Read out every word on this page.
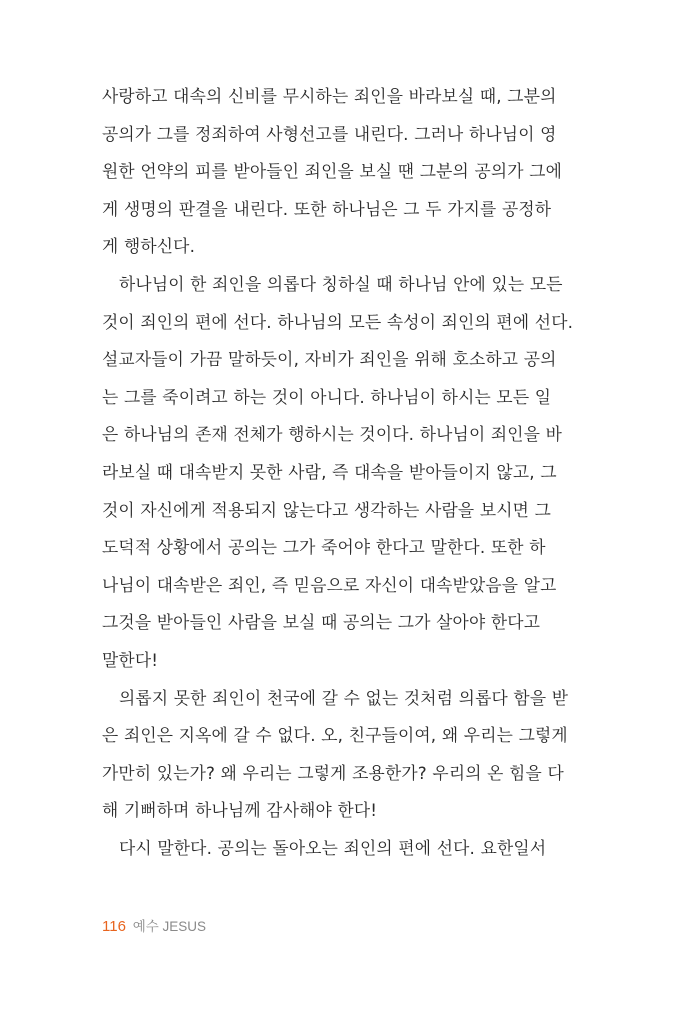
사랑하고 대속의 신비를 무시하는 죄인을 바라보실 때, 그분의
공의가 그를 정죄하여 사형선고를 내린다. 그러나 하나님이 영
원한 언약의 피를 받아들인 죄인을 보실 땐 그분의 공의가 그에
게 생명의 판결을 내린다. 또한 하나님은 그 두 가지를 공정하
게 행하신다.
하나님이 한 죄인을 의롭다 칭하실 때 하나님 안에 있는 모든
것이 죄인의 편에 선다. 하나님의 모든 속성이 죄인의 편에 선다.
설교자들이 가끔 말하듯이, 자비가 죄인을 위해 호소하고 공의
는 그를 죽이려고 하는 것이 아니다. 하나님이 하시는 모든 일
은 하나님의 존재 전체가 행하시는 것이다. 하나님이 죄인을 바
라보실 때 대속받지 못한 사람, 즉 대속을 받아들이지 않고, 그
것이 자신에게 적용되지 않는다고 생각하는 사람을 보시면 그
도덕적 상황에서 공의는 그가 죽어야 한다고 말한다. 또한 하
나님이 대속받은 죄인, 즉 믿음으로 자신이 대속받았음을 알고
그것을 받아들인 사람을 보실 때 공의는 그가 살아야 한다고
말한다!
의롭지 못한 죄인이 천국에 갈 수 없는 것처럼 의롭다 함을 받
은 죄인은 지옥에 갈 수 없다. 오, 친구들이여, 왜 우리는 그렇게
가만히 있는가? 왜 우리는 그렇게 조용한가? 우리의 온 힘을 다
해 기뻐하며 하나님께 감사해야 한다!
다시 말한다. 공의는 돌아오는 죄인의 편에 선다. 요한일서
116 예수 JESUS
